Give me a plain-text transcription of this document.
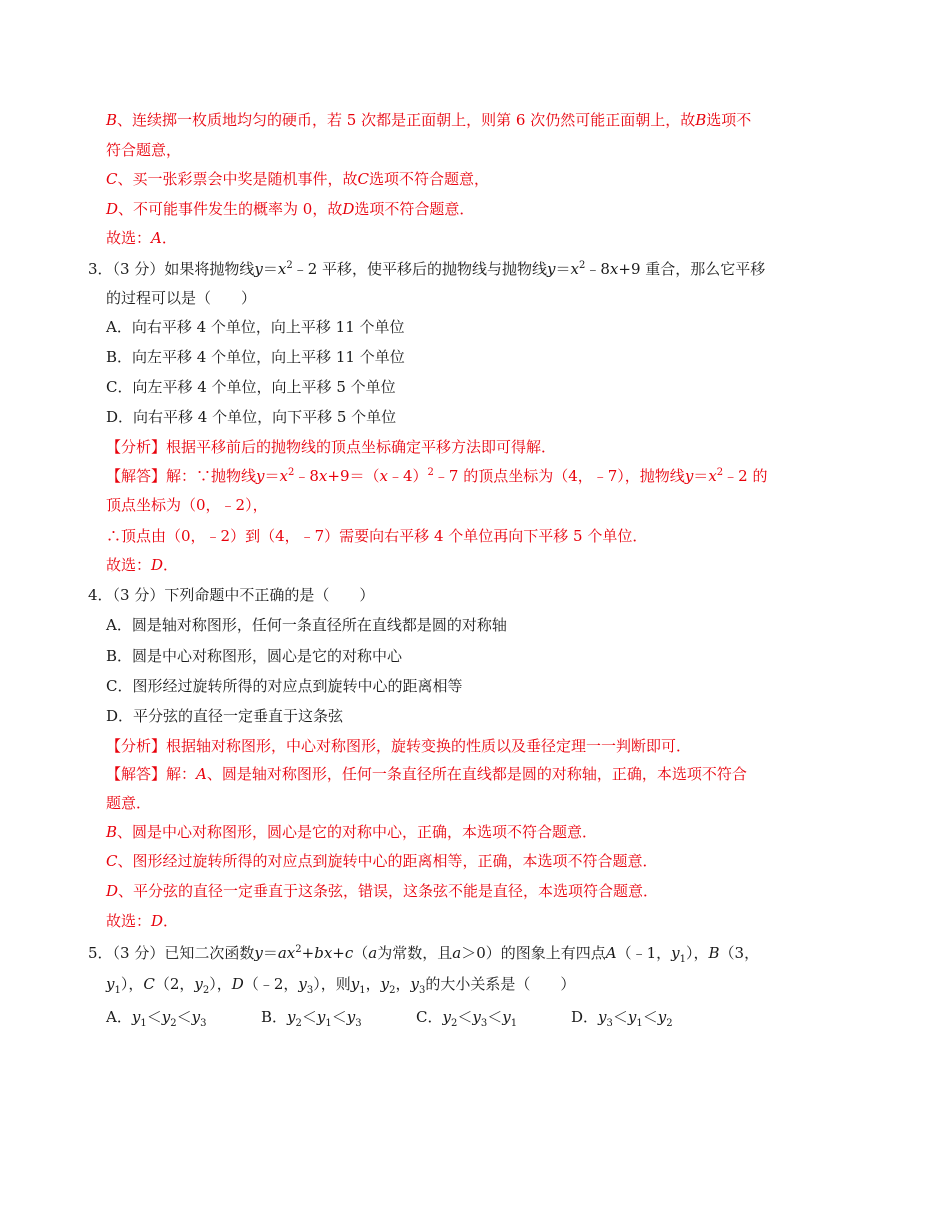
B、连续掷一枚质地均匀的硬币，若 5 次都是正面朝上，则第 6 次仍然可能正面朝上，故B选项不
符合题意，
C、买一张彩票会中奖是随机事件，故C选项不符合题意，
D、不可能事件发生的概率为 0，故D选项不符合题意．
故选：A．
3．（3 分）如果将抛物线$y=x^2﹣2$ 平移，使平移后的抛物线与抛物线$y=x^2﹣8x+9$ 重合，那么它平移
的过程可以是（　　）
A．向右平移 4 个单位，向上平移 11 个单位
B．向左平移 4 个单位，向上平移 11 个单位
C．向左平移 4 个单位，向上平移 5 个单位
D．向右平移 4 个单位，向下平移 5 个单位
【分析】根据平移前后的抛物线的顶点坐标确定平移方法即可得解．
【解答】解：∵抛物线$y=x^2﹣8x+9=(x﹣4)^2﹣7$ 的顶点坐标为（4，﹣7），抛物线$y=x^2﹣2$ 的
顶点坐标为（0，﹣2），
∴顶点由（0，﹣2）到（4，﹣7）需要向右平移 4 个单位再向下平移 5 个单位．
故选：D．
4．（3 分）下列命题中不正确的是（　　）
A．圆是轴对称图形，任何一条直径所在直线都是圆的对称轴
B．圆是中心对称图形，圆心是它的对称中心
C．图形经过旋转所得的对应点到旋转中心的距离相等
D．平分弦的直径一定垂直于这条弦
【分析】根据轴对称图形，中心对称图形，旋转变换的性质以及垂径定理一一判断即可．
【解答】解：A、圆是轴对称图形，任何一条直径所在直线都是圆的对称轴，正确，本选项不符合
题意．
B、圆是中心对称图形，圆心是它的对称中心，正确，本选项不符合题意．
C、图形经过旋转所得的对应点到旋转中心的距离相等，正确，本选项不符合题意．
D、平分弦的直径一定垂直于这条弦，错误，这条弦不能是直径，本选项符合题意．
故选：D．
5．（3 分）已知二次函数$y=ax^2+bx+c(a$为常数，且a＞0）的图象上有四点A（﹣1，$y_1$），B（3，
$y_1$），C（2，$y_2$），D（﹣2，$y_3$），则$y_1$，$y_2$，$y_3$的大小关系是（　　）
A．$y_1<y_2<y_3$	B．$y_2<y_1<y_3$	C．$y_2<y_3<y_1$	D．$y_3<y_1<y_2$
